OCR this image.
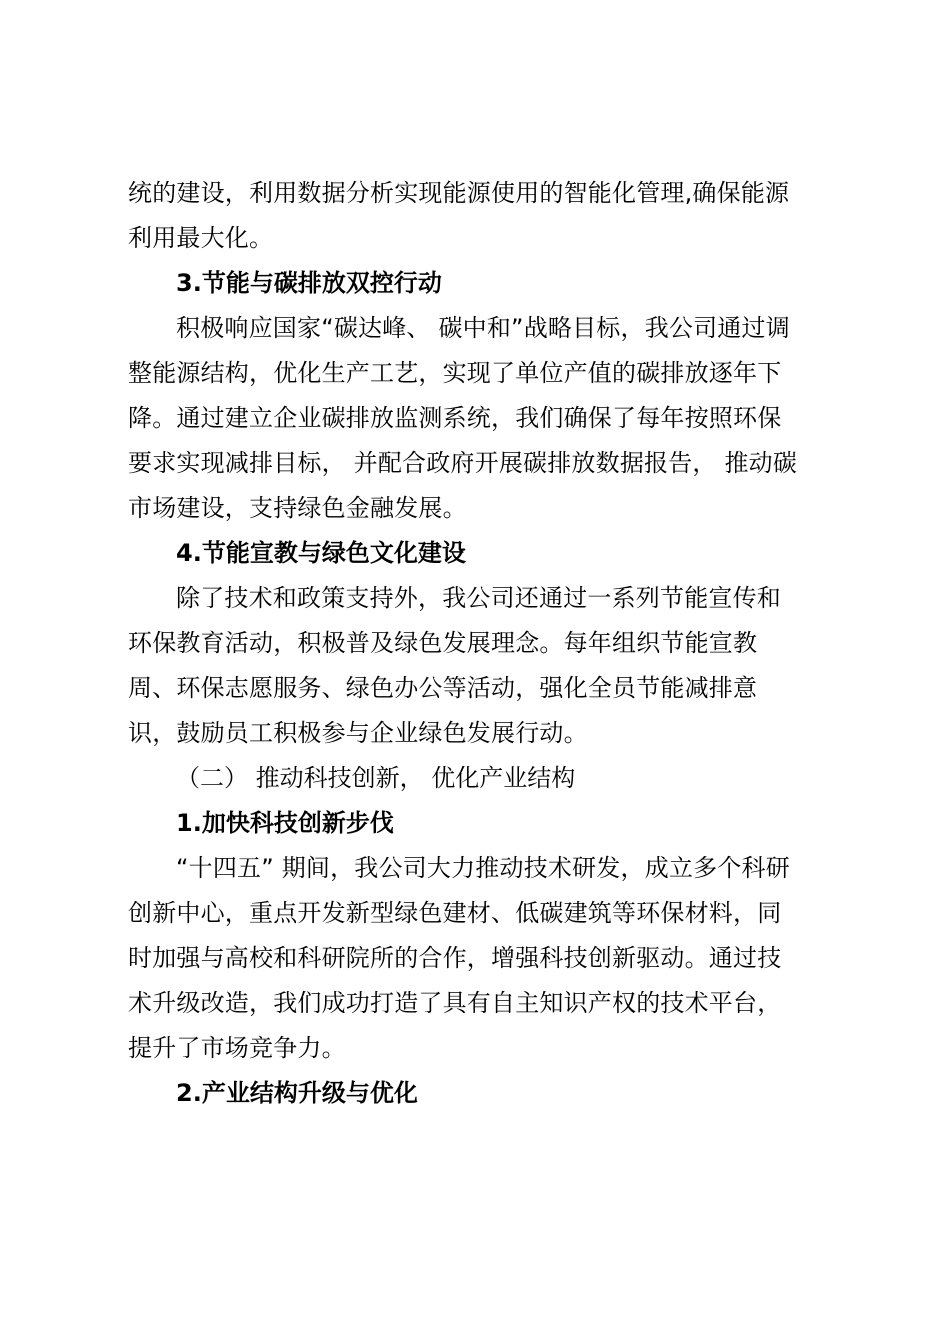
统的建设，利用数据分析实现能源使用的智能化管理,确保能源
利用最大化。
3.节能与碳排放双控行动
积极响应国家“碳达峰、 碳中和”战略目标，我公司通过调
整能源结构，优化生产工艺，实现了单位产值的碳排放逐年下
降。通过建立企业碳排放监测系统，我们确保了每年按照环保
要求实现减排目标， 并配合政府开展碳排放数据报告， 推动碳
市场建设，支持绿色金融发展。
4.节能宣教与绿色文化建设
除了技术和政策支持外，我公司还通过一系列节能宣传和
环保教育活动，积极普及绿色发展理念。每年组织节能宣教
周、环保志愿服务、绿色办公等活动，强化全员节能减排意
识，鼓励员工积极参与企业绿色发展行动。
（二） 推动科技创新， 优化产业结构
1.加快科技创新步伐
“十四五” 期间，我公司大力推动技术研发，成立多个科研
创新中心，重点开发新型绿色建材、低碳建筑等环保材料，同
时加强与高校和科研院所的合作，增强科技创新驱动。通过技
术升级改造，我们成功打造了具有自主知识产权的技术平台，
提升了市场竞争力。
2.产业结构升级与优化
